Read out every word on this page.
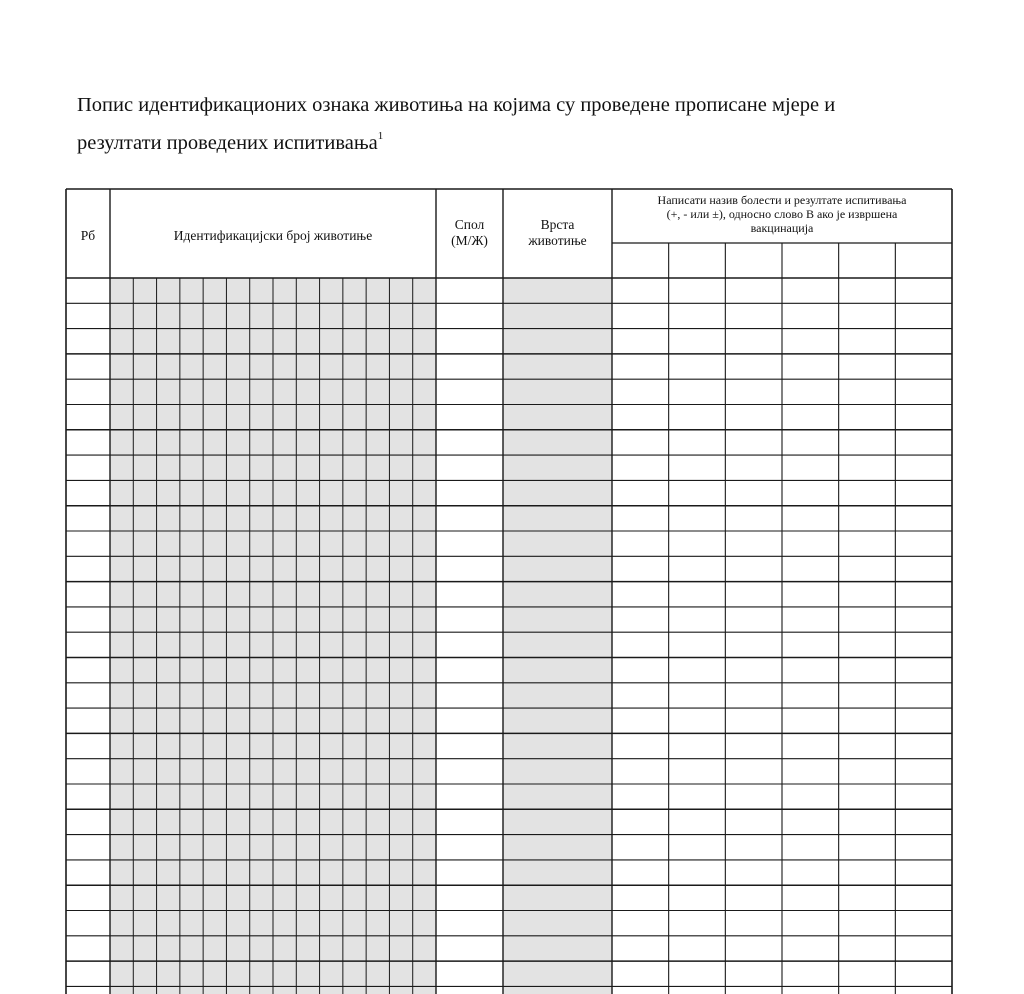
Попис идентификационих ознака животиња на којима су проведене прописане мјере и
резултати проведених испитивања$^1$
Рб	Идентификацијски број животиње
Спол
(М/Ж)
Врста
животиње
Написати назив болести и резултате испитивања
(+, - или ±), односно слово В ако је извршена
вакцинација
